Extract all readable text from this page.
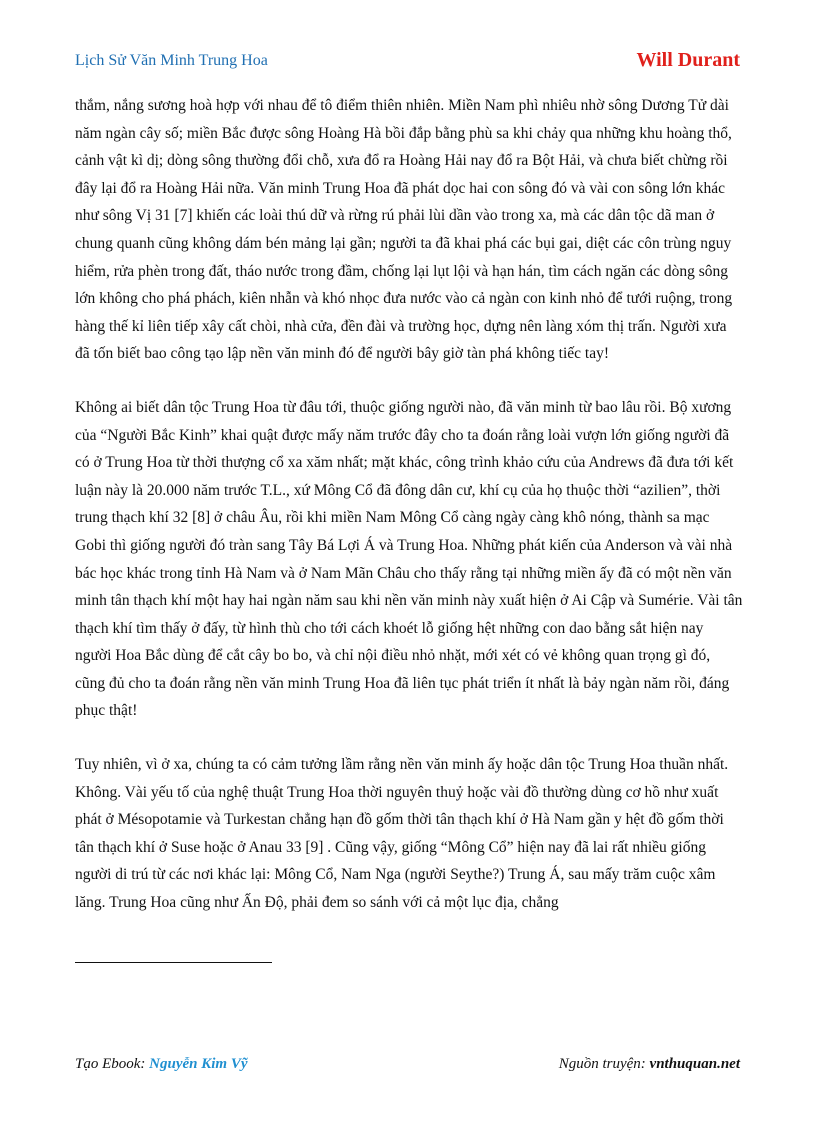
Lịch Sử Văn Minh Trung Hoa	Will Durant

thắm, nắng sương hoà hợp với nhau để tô điểm thiên nhiên. Miền Nam phì nhiêu nhờ sông Dương Tử dài năm ngàn cây số; miền Bắc được sông Hoàng Hà bồi đắp bằng phù sa khi chảy qua những khu hoàng thổ, cảnh vật kì dị; dòng sông thường đổi chỗ, xưa đổ ra Hoàng Hải nay đổ ra Bột Hải, và chưa biết chừng rồi đây lại đổ ra Hoàng Hải nữa. Văn minh Trung Hoa đã phát dọc hai con sông đó và vài con sông lớn khác như sông Vị 31 [7] khiến các loài thú dữ và rừng rú phải lùi dần vào trong xa, mà các dân tộc dã man ở chung quanh cũng không dám bén mảng lại gần; người ta đã khai phá các bụi gai, diệt các côn trùng nguy hiểm, rửa phèn trong đất, tháo nước trong đầm, chống lại lụt lội và hạn hán, tìm cách ngăn các dòng sông lớn không cho phá phách, kiên nhẫn và khó nhọc đưa nước vào cả ngàn con kinh nhỏ để tưới ruộng, trong hàng thế kỉ liên tiếp xây cất chòi, nhà cửa, đền đài và trường học, dựng nên làng xóm thị trấn. Người xưa đã tốn biết bao công tạo lập nền văn minh đó để người bây giờ tàn phá không tiếc tay!

Không ai biết dân tộc Trung Hoa từ đâu tới, thuộc giống người nào, đã văn minh từ bao lâu rồi. Bộ xương của “Người Bắc Kinh” khai quật được mấy năm trước đây cho ta đoán rằng loài vượn lớn giống người đã có ở Trung Hoa từ thời thượng cổ xa xăm nhất; mặt khác, công trình khảo cứu của Andrews đã đưa tới kết luận này là 20.000 năm trước T.L., xứ Mông Cổ đã đông dân cư, khí cụ của họ thuộc thời “azilien”, thời trung thạch khí 32 [8] ở châu Âu, rồi khi miền Nam Mông Cổ càng ngày càng khô nóng, thành sa mạc Gobi thì giống người đó tràn sang Tây Bá Lợi Á và Trung Hoa. Những phát kiến của Anderson và vài nhà bác học khác trong tỉnh Hà Nam và ở Nam Mãn Châu cho thấy rằng tại những miền ấy đã có một nền văn minh tân thạch khí một hay hai ngàn năm sau khi nền văn minh này xuất hiện ở Ai Cập và Sumérie. Vài tân thạch khí tìm thấy ở đấy, từ hình thù cho tới cách khoét lỗ giống hệt những con dao bằng sắt hiện nay người Hoa Bắc dùng để cắt cây bo bo, và chỉ nội điều nhỏ nhặt, mới xét có vẻ không quan trọng gì đó, cũng đủ cho ta đoán rằng nền văn minh Trung Hoa đã liên tục phát triển ít nhất là bảy ngàn năm rồi, đáng phục thật!

Tuy nhiên, vì ở xa, chúng ta có cảm tưởng lầm rằng nền văn minh ấy hoặc dân tộc Trung Hoa thuần nhất. Không. Vài yếu tố của nghệ thuật Trung Hoa thời nguyên thuỷ hoặc vài đồ thường dùng cơ hồ như xuất phát ở Mésopotamie và Turkestan chẳng hạn đồ gốm thời tân thạch khí ở Hà Nam gần y hệt đồ gốm thời tân thạch khí ở Suse hoặc ở Anau 33 [9] . Cũng vậy, giống “Mông Cổ” hiện nay đã lai rất nhiều giống người di trú từ các nơi khác lại: Mông Cổ, Nam Nga (người Seythe?) Trung Á, sau mấy trăm cuộc xâm lăng. Trung Hoa cũng như Ấn Độ, phải đem so sánh với cả một lục địa, chẳng

Tạo Ebook: Nguyễn Kim Vỹ	Nguồn truyện: vnthuquan.net
